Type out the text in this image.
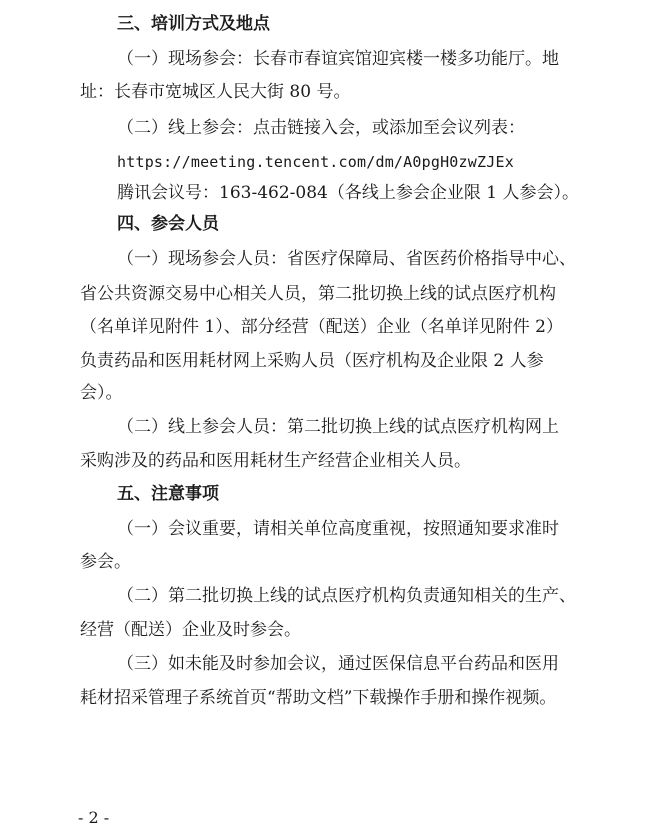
三、培训方式及地点
（一）现场参会：长春市春谊宾馆迎宾楼一楼多功能厅。地
址：长春市宽城区人民大街 80 号。
（二）线上参会：点击链接入会，或添加至会议列表：
https://meeting.tencent.com/dm/A0pgH0zwZJEx
腾讯会议号：163-462-084（各线上参会企业限 1 人参会）。
四、参会人员
（一）现场参会人员：省医疗保障局、省医药价格指导中心、
省公共资源交易中心相关人员，第二批切换上线的试点医疗机构
（名单详见附件 1）、部分经营（配送）企业（名单详见附件 2）
负责药品和医用耗材网上采购人员（医疗机构及企业限 2 人参
会）。
（二）线上参会人员：第二批切换上线的试点医疗机构网上
采购涉及的药品和医用耗材生产经营企业相关人员。
五、注意事项
（一）会议重要，请相关单位高度重视，按照通知要求准时
参会。
（二）第二批切换上线的试点医疗机构负责通知相关的生产、
经营（配送）企业及时参会。
（三）如未能及时参加会议，通过医保信息平台药品和医用
耗材招采管理子系统首页“帮助文档”下载操作手册和操作视频。
- 2 -
